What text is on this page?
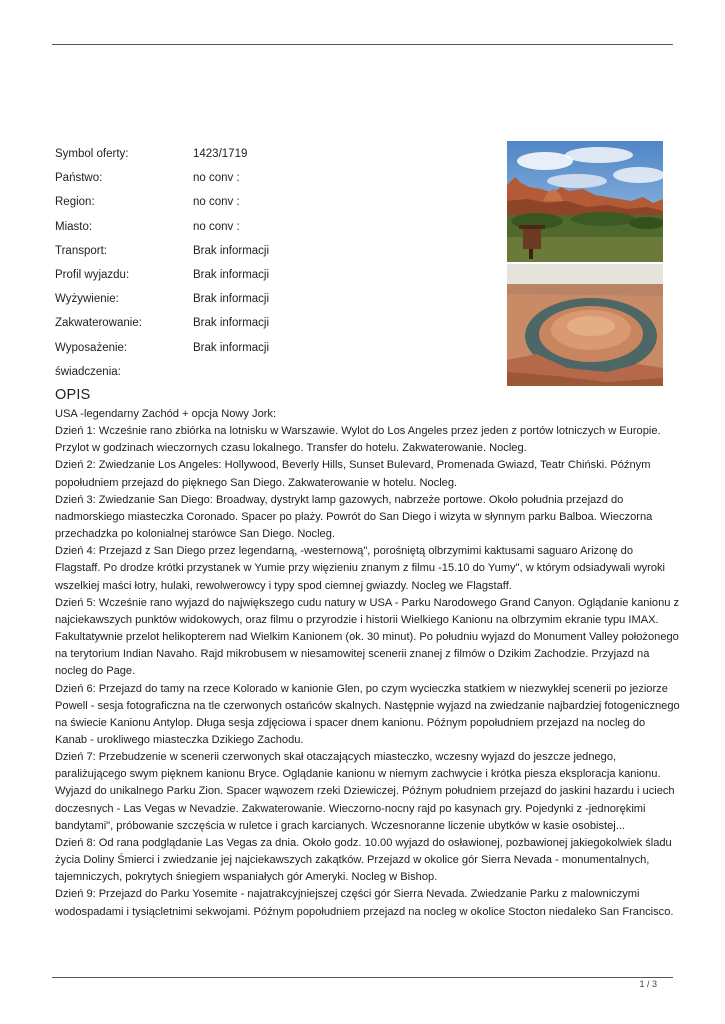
Symbol oferty:	1423/1719
Państwo:	no conv :
Region:	no conv :
Miasto:	no conv :
Transport:	Brak informacji
Profil wyjazdu:	Brak informacji
Wyżywienie:	Brak informacji
Zakwaterowanie:	Brak informacji
Wyposażenie:	Brak informacji
świadczenia:
OPIS

USA -legendarny Zachód + opcja Nowy Jork:

Dzień 1: Wcześnie rano zbiórka na lotnisku w Warszawie. Wylot do Los Angeles przez jeden z portów lotniczych w Europie. Przylot w godzinach wieczornych czasu lokalnego. Transfer do hotelu. Zakwaterowanie. Nocleg.

Dzień 2: Zwiedzanie Los Angeles: Hollywood, Beverly Hills, Sunset Bulevard, Promenada Gwiazd, Teatr Chiński. Późnym popołudniem przejazd do pięknego San Diego. Zakwaterowanie w hotelu. Nocleg.

Dzień 3: Zwiedzanie San Diego: Broadway, dystrykt lamp gazowych, nabrzeże portowe. Około południa przejazd do nadmorskiego miasteczka Coronado. Spacer po plaży. Powrót do San Diego i wizyta w słynnym parku Balboa. Wieczorna przechadzka po kolonialnej starówce San Diego. Nocleg.

Dzień 4: Przejazd z San Diego przez legendarną, -westernową", porośniętą olbrzymimi kaktusami saguaro Arizonę do Flagstaff. Po drodze krótki przystanek w Yumie przy więzieniu znanym z filmu -15.10 do Yumy", w którym odsiadywali wyroki wszelkiej maści łotry, hulaki, rewolwerowcy i typy spod ciemnej gwiazdy. Nocleg we Flagstaff.

Dzień 5: Wcześnie rano wyjazd do największego cudu natury w USA - Parku Narodowego Grand Canyon. Oglądanie kanionu z najciekawszych punktów widokowych, oraz filmu o przyrodzie i historii Wielkiego Kanionu na olbrzymim ekranie typu IMAX. Fakultatywnie przelot helikopterem nad Wielkim Kanionem (ok. 30 minut). Po południu wyjazd do Monument Valley położonego na terytorium Indian Navaho. Rajd mikrobusem w niesamowitej scenerii znanej z filmów o Dzikim Zachodzie. Przyjazd na nocleg do Page.

Dzień 6: Przejazd do tamy na rzece Kolorado w kanionie Glen, po czym wycieczka statkiem w niezwykłej scenerii po jeziorze Powell - sesja fotograficzna na tle czerwonych ostańców skalnych. Następnie wyjazd na zwiedzanie najbardziej fotogenicznego na świecie Kanionu Antylop. Długa sesja zdjęciowa i spacer dnem kanionu. Późnym popołudniem przejazd na nocleg do Kanab - urokliwego miasteczka Dzikiego Zachodu.

Dzień 7: Przebudzenie w scenerii czerwonych skał otaczających miasteczko, wczesny wyjazd do jeszcze jednego, paraliżującego swym pięknem kanionu Bryce. Oglądanie kanionu w niemym zachwycie i krótka piesza eksploracja kanionu. Wyjazd do unikalnego Parku Zion. Spacer wąwozem rzeki Dziewiczej. Późnym południem przejazd do jaskini hazardu i uciech doczesnych - Las Vegas w Nevadzie. Zakwaterowanie. Wieczorno-nocny rajd po kasynach gry. Pojedynki z -jednorękimi bandytami", próbowanie szczęścia w ruletce i grach karcianych. Wczesnoranne liczenie ubytków w kasie osobistej...

Dzień 8: Od rana podglądanie Las Vegas za dnia. Około godz. 10.00 wyjazd do osławionej, pozbawionej jakiegokolwiek śladu życia Doliny Śmierci i zwiedzanie jej najciekawszych zakątków. Przejazd w okolice gór Sierra Nevada - monumentalnych, tajemniczych, pokrytych śniegiem wspaniałych gór Ameryki. Nocleg w Bishop.

Dzień 9: Przejazd do Parku Yosemite - najatrakcyjniejszej części gór Sierra Nevada. Zwiedzanie Parku z malowniczymi wodospadami i tysiącletnimi sekwojami. Późnym popołudniem przejazd na nocleg w okolice Stocton niedaleko San Francisco.

1 / 3
